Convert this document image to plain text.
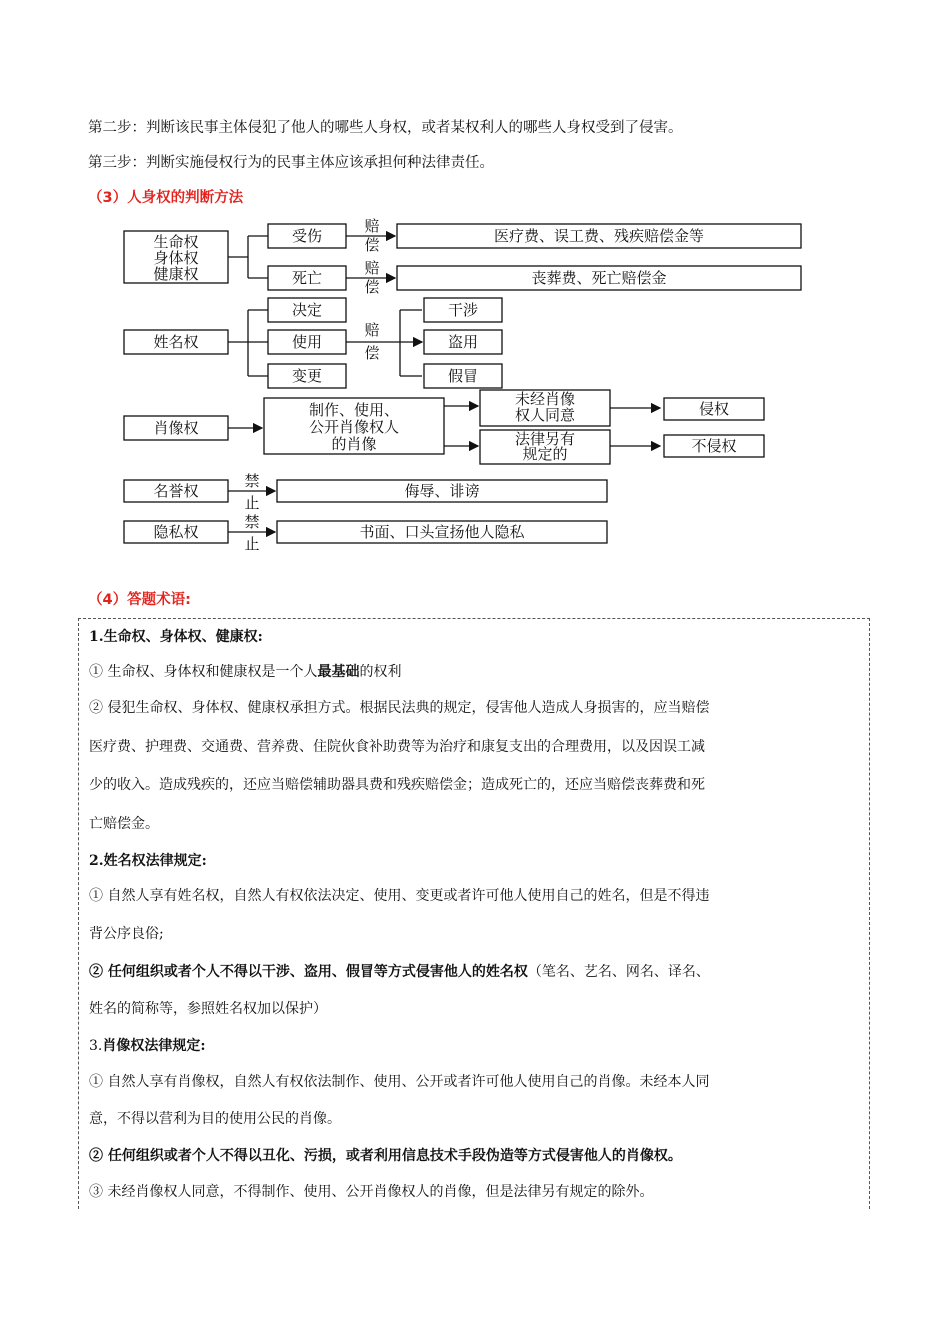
第二步：判断该民事主体侵犯了他人的哪些人身权，或者某权利人的哪些人身权受到了侵害。
第三步：判断实施侵权行为的民事主体应该承担何种法律责任。
（3）人身权的判断方法
生命权
身体权
健康权
受伤
死亡
赔
偿
赔
偿
医疗费、误工费、残疾赔偿金等
丧葬费、死亡赔偿金
姓名权
决定
使用
变更
赔
偿
干涉
盗用
假冒
肖像权
制作、使用、
公开肖像权人
的肖像
未经肖像
权人同意
法律另有
规定的
侵权
不侵权
名誉权
禁
止
侮辱、诽谤
隐私权
禁
止
书面、口头宣扬他人隐私
（4）答题术语:
1.生命权、身体权、健康权:
① 生命权、身体权和健康权是一个人最基础的权利
② 侵犯生命权、身体权、健康权承担方式。根据民法典的规定，侵害他人造成人身损害的，应当赔偿
医疗费、护理费、交通费、营养费、住院伙食补助费等为治疗和康复支出的合理费用，以及因误工减
少的收入。造成残疾的，还应当赔偿辅助器具费和残疾赔偿金；造成死亡的，还应当赔偿丧葬费和死
亡赔偿金。
2.姓名权法律规定:
① 自然人享有姓名权，自然人有权依法决定、使用、变更或者许可他人使用自己的姓名，但是不得违
背公序良俗;
② 任何组织或者个人不得以干涉、盗用、假冒等方式侵害他人的姓名权（笔名、艺名、网名、译名、
姓名的简称等，参照姓名权加以保护）
3.肖像权法律规定:
① 自然人享有肖像权，自然人有权依法制作、使用、公开或者许可他人使用自己的肖像。未经本人同
意，不得以营利为目的使用公民的肖像。
② 任何组织或者个人不得以丑化、污损，或者利用信息技术手段伪造等方式侵害他人的肖像权。
③ 未经肖像权人同意，不得制作、使用、公开肖像权人的肖像，但是法律另有规定的除外。
